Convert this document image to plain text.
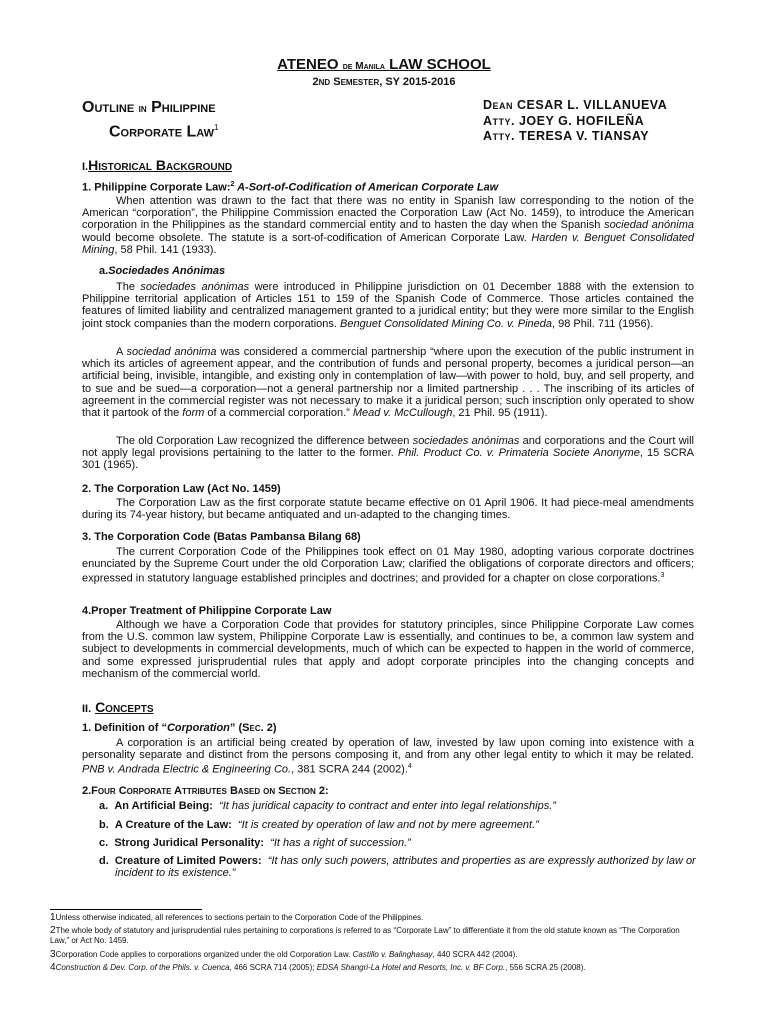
ATENEO de Manila LAW SCHOOL
2nd Semester, SY 2015-2016
Outline in Philippine
Corporate Law$^1$
Dean CESAR L. VILLANUEVA
Atty. JOEY G. HOFILEÑA
Atty. TERESA V. TIANSAY
I.Historical Background
1. Philippine Corporate Law:$^2$ A-Sort-of-Codification of American Corporate Law
When attention was drawn to the fact that there was no entity in Spanish law corresponding to the notion of the American “corporation”, the Philippine Commission enacted the Corporation Law (Act No. 1459), to introduce the American corporation in the Philippines as the standard commercial entity and to hasten the day when the Spanish sociedad anónima would become obsolete. The statute is a sort-of-codification of American Corporate Law. Harden v. Benguet Consolidated Mining, 58 Phil. 141 (1933).
a.Sociedades Anónimas
The sociedades anónimas were introduced in Philippine jurisdiction on 01 December 1888 with the extension to Philippine territorial application of Articles 151 to 159 of the Spanish Code of Commerce. Those articles contained the features of limited liability and centralized management granted to a juridical entity; but they were more similar to the English joint stock companies than the modern corporations. Benguet Consolidated Mining Co. v. Pineda, 98 Phil. 711 (1956).
A sociedad anónima was considered a commercial partnership “where upon the execution of the public instrument in which its articles of agreement appear, and the contribution of funds and personal property, becomes a juridical person—an artificial being, invisible, intangible, and existing only in contemplation of law—with power to hold, buy, and sell property, and to sue and be sued—a corporation—not a general partnership nor a limited partnership . . . The inscribing of its articles of agreement in the commercial register was not necessary to make it a juridical person; such inscription only operated to show that it partook of the form of a commercial corporation.” Mead v. McCullough, 21 Phil. 95 (1911).
The old Corporation Law recognized the difference between sociedades anónimas and corporations and the Court will not apply legal provisions pertaining to the latter to the former. Phil. Product Co. v. Primateria Societe Anonyme, 15 SCRA 301 (1965).
2. The Corporation Law (Act No. 1459)
The Corporation Law as the first corporate statute became effective on 01 April 1906. It had piece-meal amendments during its 74-year history, but became antiquated and un-adapted to the changing times.
3. The Corporation Code (Batas Pambansa Bilang 68)
The current Corporation Code of the Philippines took effect on 01 May 1980, adopting various corporate doctrines enunciated by the Supreme Court under the old Corporation Law; clarified the obligations of corporate directors and officers; expressed in statutory language established principles and doctrines; and provided for a chapter on close corporations.$^3$
4.Proper Treatment of Philippine Corporate Law
Although we have a Corporation Code that provides for statutory principles, since Philippine Corporate Law comes from the U.S. common law system, Philippine Corporate Law is essentially, and continues to be, a common law system and subject to developments in commercial developments, much of which can be expected to happen in the world of commerce, and some expressed jurisprudential rules that apply and adopt corporate principles into the changing concepts and mechanism of the commercial world.
II. Concepts
1. Definition of “Corporation” (Sec. 2)
A corporation is an artificial being created by operation of law, invested by law upon coming into existence with a personality separate and distinct from the persons composing it, and from any other legal entity to which it may be related. PNB v. Andrada Electric & Engineering Co., 381 SCRA 244 (2002).$^4$
2.Four Corporate Attributes Based on Section 2:
a. An Artificial Being: “It has juridical capacity to contract and enter into legal relationships.”
b. A Creature of the Law: “It is created by operation of law and not by mere agreement.”
c. Strong Juridical Personality: “It has a right of succession.”
d. Creature of Limited Powers: “It has only such powers, attributes and properties as are expressly authorized by law or incident to its existence.”
1Unless otherwise indicated, all references to sections pertain to the Corporation Code of the Philippines.
2The whole body of statutory and jurisprudential rules pertaining to corporations is referred to as “Corporate Law” to differentiate it from the old statute known as “The Corporation Law,” or Act No. 1459.
3Corporation Code applies to corporations organized under the old Corporation Law. Castillo v. Balinghasay, 440 SCRA 442 (2004).
4Construction & Dev. Corp. of the Phils. v. Cuenca, 466 SCRA 714 (2005); EDSA Shangri-La Hotel and Resorts, Inc. v. BF Corp., 556 SCRA 25 (2008).
